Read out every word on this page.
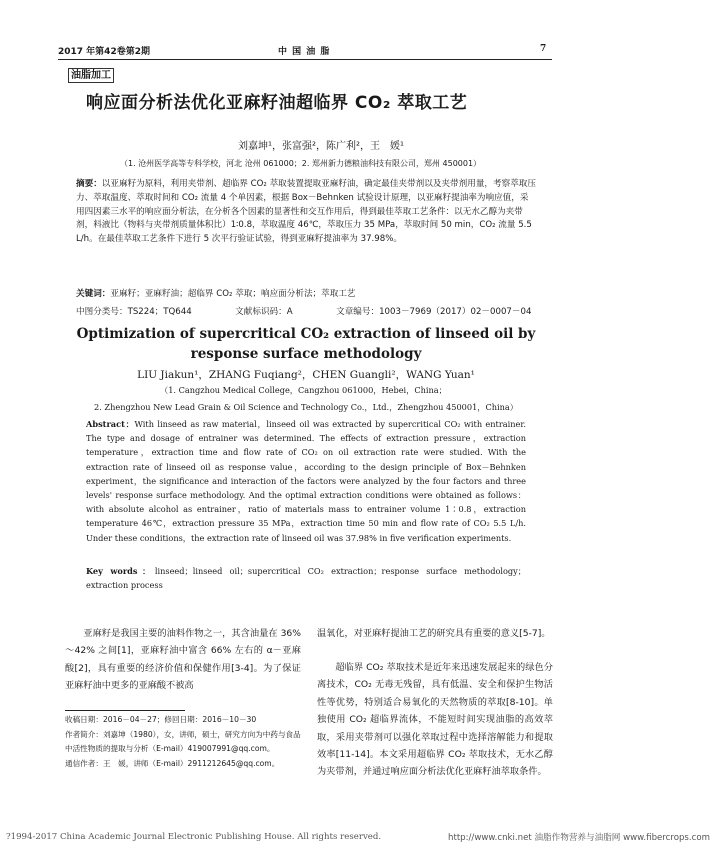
2017 年第42卷第2期	中 国 油 脂	7
油脂加工
响应面分析法优化亚麻籽油超临界 CO₂ 萃取工艺
刘嘉坤¹，张富强²，陈广利²，王　媛¹
（1. 沧州医学高等专科学校，河北 沧州 061000；2. 郑州新力德粮油科技有限公司，郑州 450001）
摘要：以亚麻籽为原料，利用夹带剂、超临界 CO₂ 萃取装置提取亚麻籽油，确定最佳夹带剂以及夹带剂用量，考察萃取压力、萃取温度、萃取时间和 CO₂ 流量 4 个单因素，根据 Box－Behnken 试验设计原理，以亚麻籽提油率为响应值，采用四因素三水平的响应面分析法，在分析各个因素的显著性和交互作用后，得到最佳萃取工艺条件：以无水乙醇为夹带剂，料液比（物料与夹带剂质量体积比）1∶0.8，萃取温度 46℃，萃取压力 35 MPa，萃取时间 50 min，CO₂ 流量 5.5 L/h。在最佳萃取工艺条件下进行 5 次平行验证试验，得到亚麻籽提油率为 37.98%。
关键词：亚麻籽；亚麻籽油；超临界 CO₂ 萃取；响应面分析法；萃取工艺
中图分类号：TS224；TQ644	文献标识码：A	文章编号：1003－7969（2017）02－0007－04
Optimization of supercritical CO₂ extraction of linseed oil by
response surface methodology
LIU Jiakun¹，ZHANG Fuqiang²，CHEN Guangli²，WANG Yuan¹
（1. Cangzhou Medical College，Cangzhou 061000，Hebei，China；
2. Zhengzhou New Lead Grain & Oil Science and Technology Co.，Ltd.，Zhengzhou 450001，China）
Abstract：With linseed as raw material，linseed oil was extracted by supercritical CO₂ with entrainer. The type and dosage of entrainer was determined. The effects of extraction pressure，extraction temperature，extraction time and flow rate of CO₂ on oil extraction rate were studied. With the extraction rate of linseed oil as response value，according to the design principle of Box－Behnken experiment，the significance and interaction of the factors were analyzed by the four factors and three levels' response surface methodology. And the optimal extraction conditions were obtained as follows：with absolute alcohol as entrainer，ratio of materials mass to entrainer volume 1∶0.8，extraction temperature 46℃，extraction pressure 35 MPa，extraction time 50 min and flow rate of CO₂ 5.5 L/h. Under these conditions，the extraction rate of linseed oil was 37.98% in five verification experiments.
Key words：linseed；linseed oil；supercritical CO₂ extraction；response surface methodology；extraction process
亚麻籽是我国主要的油料作物之一，其含油量在 36%～42% 之间[1]，亚麻籽油中富含 66% 左右的 α－亚麻酸[2]，具有重要的经济价值和保健作用[3-4]。为了保证亚麻籽油中更多的亚麻酸不被高
温氧化，对亚麻籽提油工艺的研究具有重要的意义[5-7]。
超临界 CO₂ 萃取技术是近年来迅速发展起来的绿色分离技术，CO₂ 无毒无残留，具有低温、安全和保护生物活性等优势，特别适合易氧化的天然物质的萃取[8-10]。单独使用 CO₂ 超临界流体，不能短时间实现油脂的高效萃取，采用夹带剂可以强化萃取过程中选择溶解能力和提取效率[11-14]。本文采用超临界 CO₂ 萃取技术，无水乙醇为夹带剂，并通过响应面分析法优化亚麻籽油萃取条件。
收稿日期：2016－04－27；修回日期：2016－10－30
作者简介：刘嘉坤（1980），女，讲师，硕士，研究方向为中药与食品中活性物质的提取与分析（E-mail）419007991@qq.com。
通信作者：王　媛，讲师（E-mail）2911212645@qq.com。
?1994-2017 China Academic Journal Electronic Publishing House. All rights reserved.	http://www.cnki.net 油脂作物营养与油脂网 www.fibercrops.com
